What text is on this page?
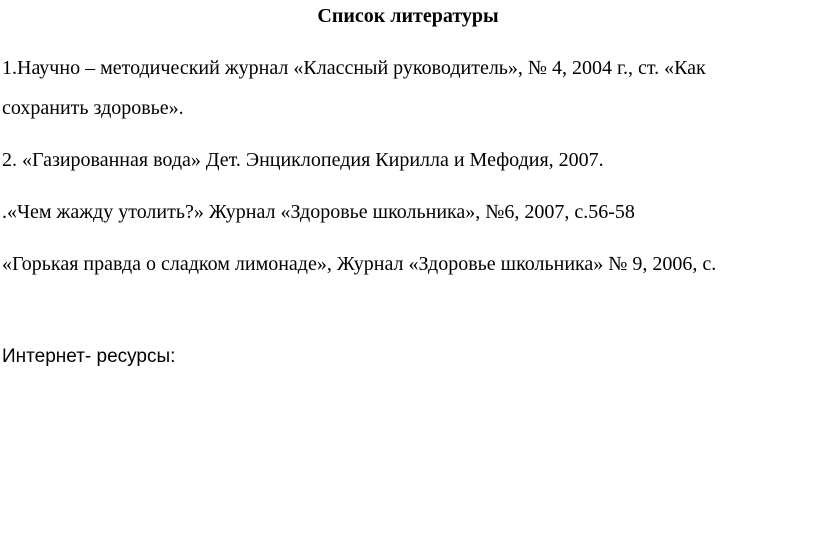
Список литературы
1.Научно – методический журнал «Классный руководитель», № 4, 2004 г., ст. «Как
сохранить здоровье».
2. «Газированная вода» Дет. Энциклопедия Кирилла и Мефодия, 2007.
.«Чем жажду утолить?» Журнал «Здоровье школьника», №6, 2007, с.56-58
«Горькая правда о сладком лимонаде», Журнал «Здоровье школьника» № 9, 2006, с.
Интернет- ресурсы:
